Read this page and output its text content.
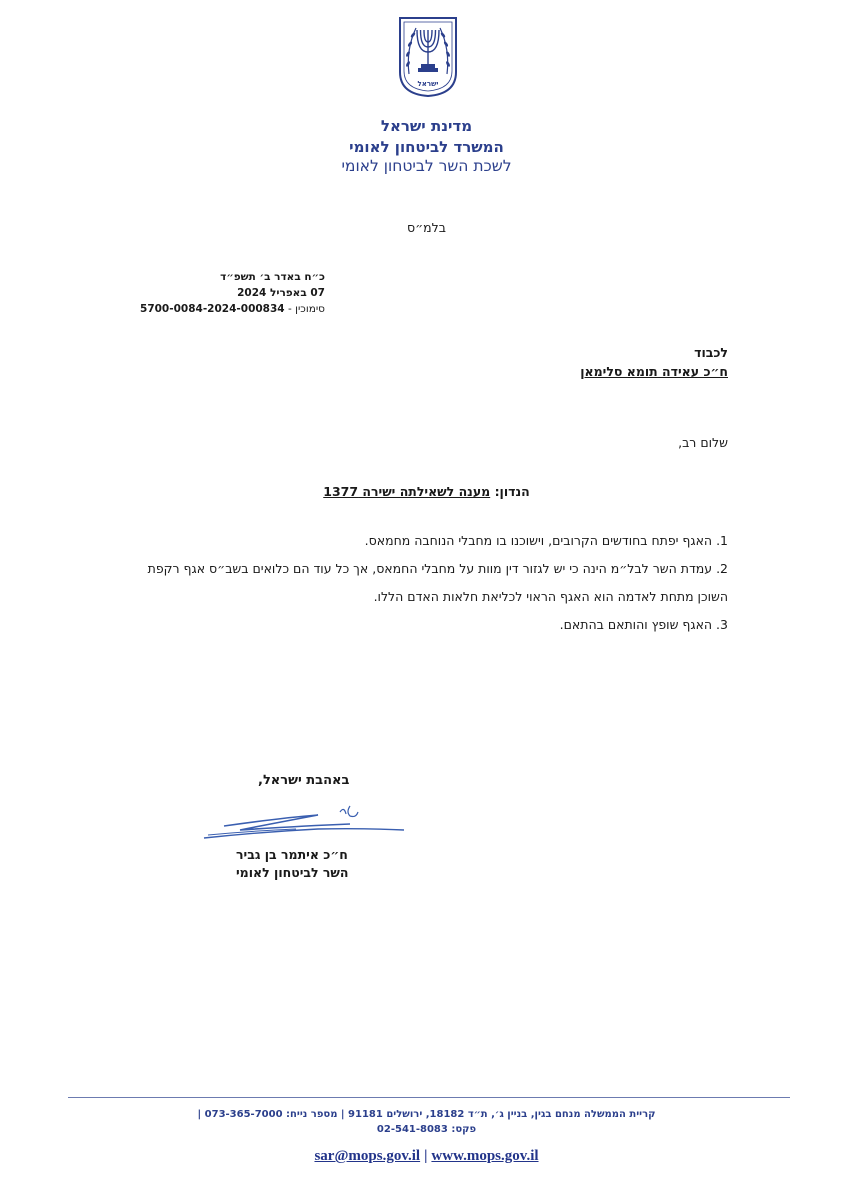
ישראל
מדינת ישראל
המשרד לביטחון לאומי
לשכת השר לביטחון לאומי
בלמ״ס
כ״ח באדר ב׳ תשפ״ד
07 באפריל 2024
סימוכין - 5700-0084-2024-000834
לכבוד
ח״כ עאידה תומא סלימאן
שלום רב,
הנדון: מענה לשאילתה ישירה 1377
1. האגף יפתח בחודשים הקרובים, וישוכנו בו מחבלי הנוחבה מחמאס.
2. עמדת השר לבל״מ הינה כי יש לגזור דין מוות על מחבלי החמאס, אך כל עוד הם כלואים בשב״ס אגף רקפת השוכן מתחת לאדמה הוא האגף הראוי לכליאת חלאות האדם הללו.
3. האגף שופץ והותאם בהתאם.
באהבת ישראל,
ח״כ איתמר בן גביר
השר לביטחון לאומי
קריית הממשלה מנחם בגין, בניין ג׳, ת״ד 18182, ירושלים 91181 | מספר נייח: 073-365-7000 |
פקס: 02-541-8083
sar@mops.gov.il | www.mops.gov.il
